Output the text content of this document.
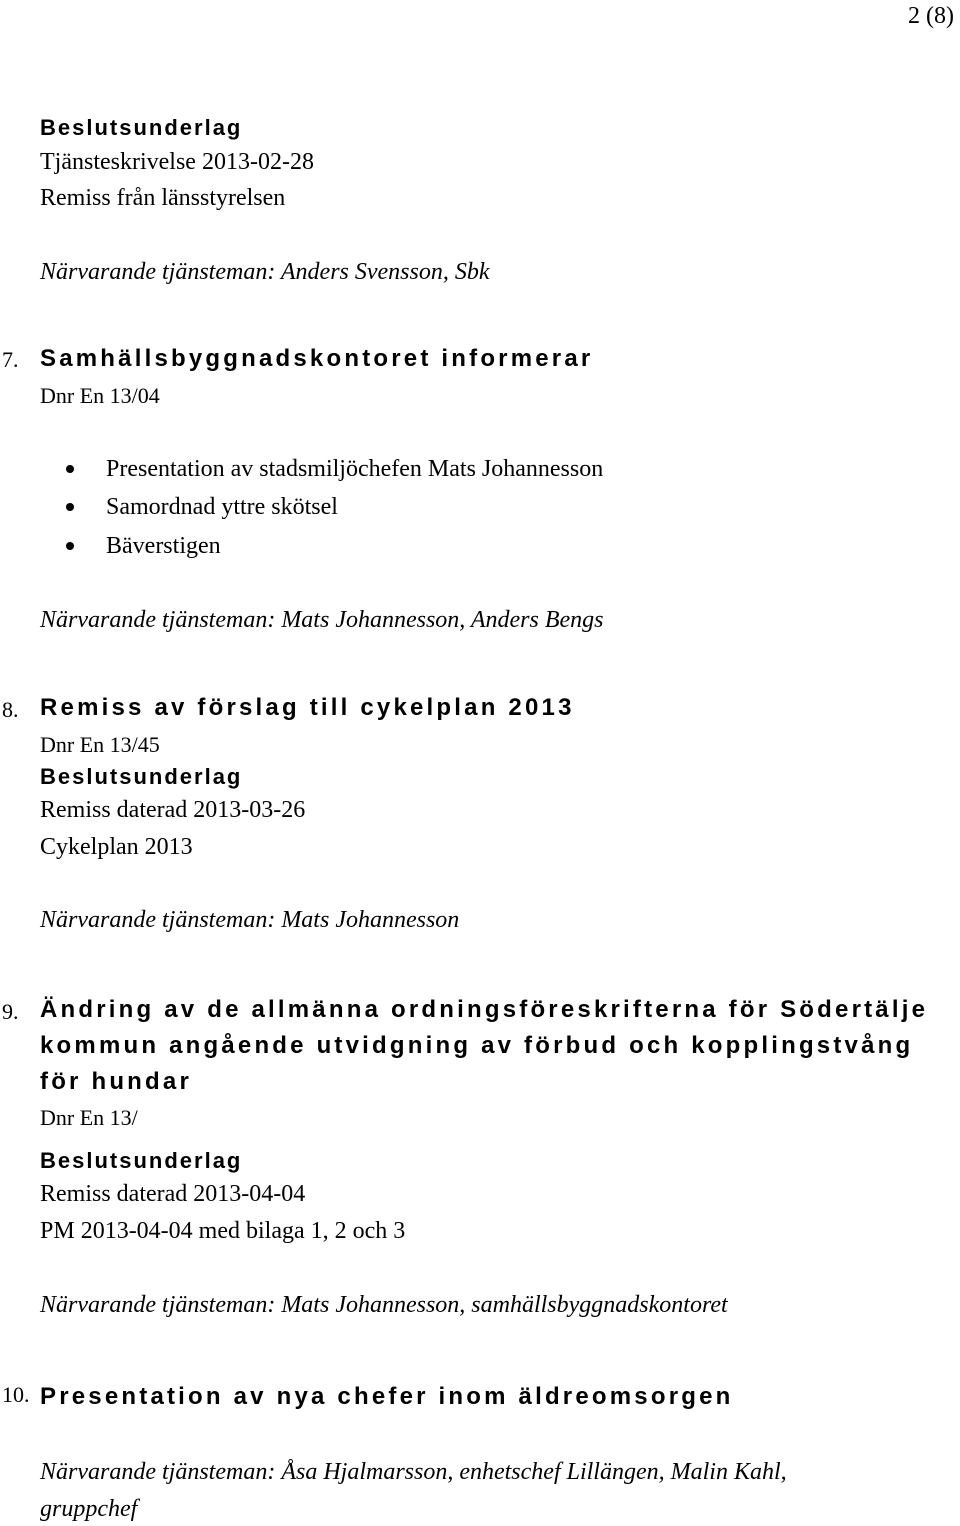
2 (8)
Beslutsunderlag
Tjänsteskrivelse 2013-02-28
Remiss från länsstyrelsen
Närvarande tjänsteman: Anders Svensson, Sbk
7. Samhällsbyggnadskontoret informerar
Dnr En 13/04
Presentation av stadsmiljöchefen Mats Johannesson
Samordnad yttre skötsel
Bäverstigen
Närvarande tjänsteman: Mats Johannesson, Anders Bengs
8. Remiss av förslag till cykelplan 2013
Dnr En 13/45
Beslutsunderlag
Remiss daterad 2013-03-26
Cykelplan 2013
Närvarande tjänsteman: Mats Johannesson
9. Ändring av de allmänna ordningsföreskrifterna för Södertälje
kommun angående utvidgning av förbud och kopplingstvång
för hundar
Dnr En 13/
Beslutsunderlag
Remiss daterad 2013-04-04
PM 2013-04-04 med bilaga 1, 2 och 3
Närvarande tjänsteman: Mats Johannesson, samhällsbyggnadskontoret
10. Presentation av nya chefer inom äldreomsorgen
Närvarande tjänsteman: Åsa Hjalmarsson, enhetschef Lillängen, Malin Kahl,
gruppchef
